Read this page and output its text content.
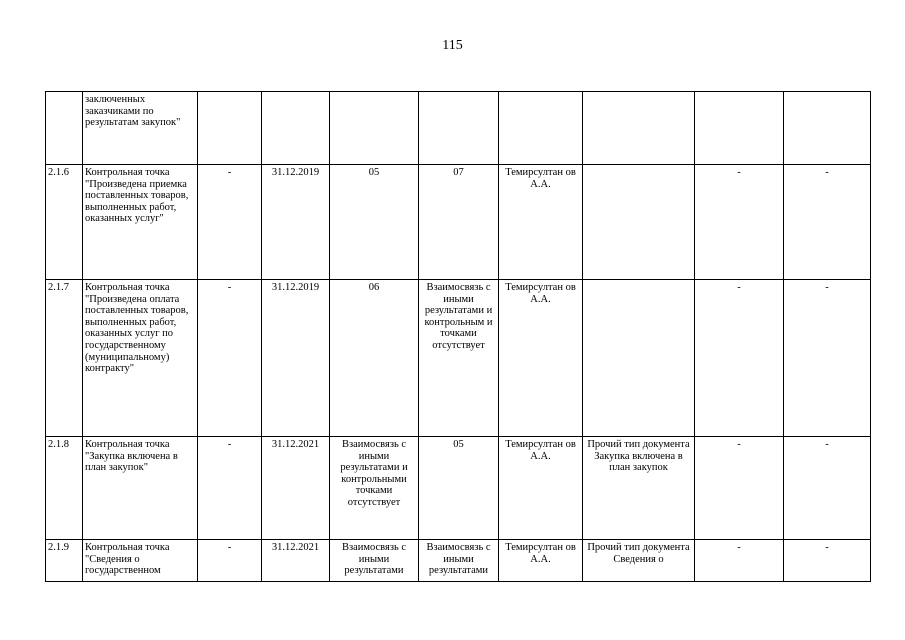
115
	заключенных заказчиками по результатам закупок"								
2.1.6	Контрольная точка "Произведена приемка поставленных товаров, выполненных работ, оказанных услуг"	-	31.12.2019	05	07	Темирсултан ов А.А.		-	-
2.1.7	Контрольная точка "Произведена оплата поставленных товаров, выполненных работ, оказанных услуг по государственному (муниципальному) контракту"	-	31.12.2019	06	Взаимосвязь с иными результатами и контрольным и точками отсутствует	Темирсултан ов А.А.		-	-
2.1.8	Контрольная точка "Закупка включена в план закупок"	-	31.12.2021	Взаимосвязь с иными результатами и контрольными точками отсутствует	05	Темирсултан ов А.А.	Прочий тип документа Закупка включена в план закупок	-	-
2.1.9	Контрольная точка "Сведения о государственном	-	31.12.2021	Взаимосвязь с иными результатами	Взаимосвязь с иными результатами	Темирсултан ов А.А.	Прочий тип документа Сведения о	-	-
